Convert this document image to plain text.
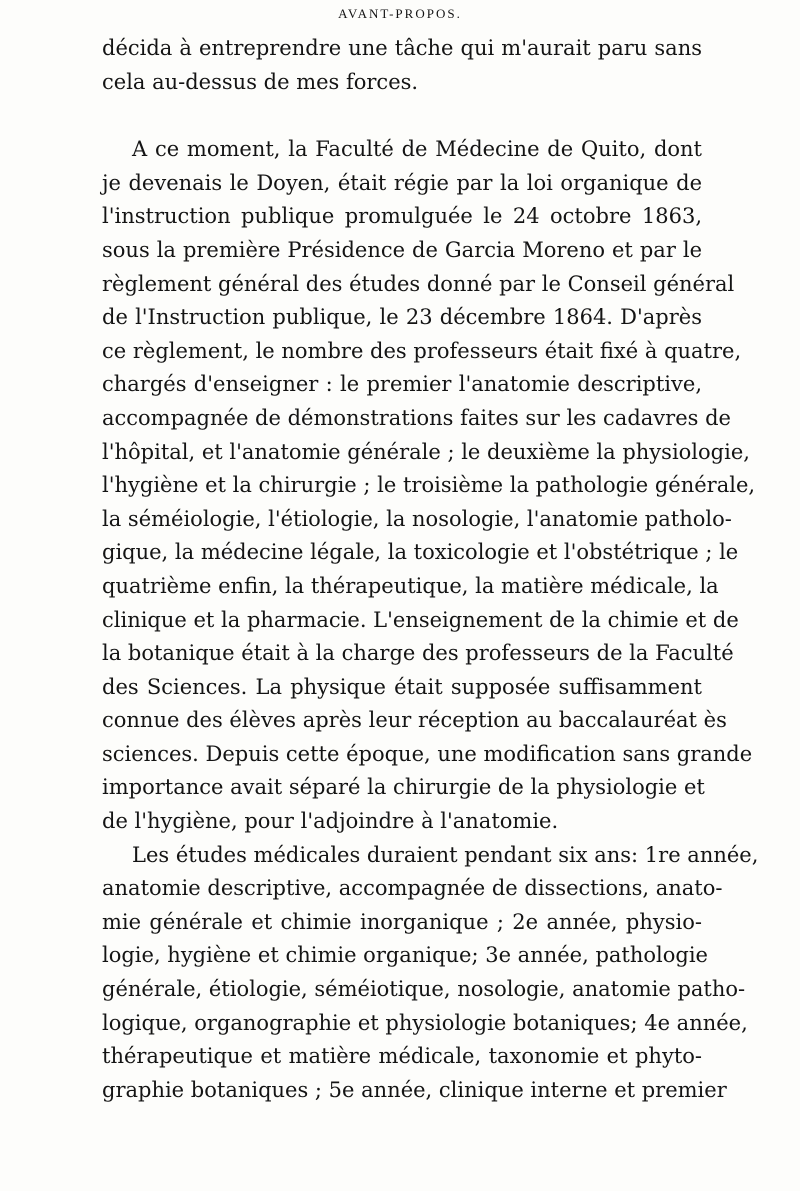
AVANT-PROPOS.
décida à entreprendre une tâche qui m'aurait paru sans
cela au-dessus de mes forces.
A ce moment, la Faculté de Médecine de Quito, dont
je devenais le Doyen, était régie par la loi organique de
l'instruction publique promulguée le 24 octobre 1863,
sous la première Présidence de Garcia Moreno et par le
règlement général des études donné par le Conseil général
de l'Instruction publique, le 23 décembre 1864. D'après
ce règlement, le nombre des professeurs était fixé à quatre,
chargés d'enseigner : le premier l'anatomie descriptive,
accompagnée de démonstrations faites sur les cadavres de
l'hôpital, et l'anatomie générale ; le deuxième la physiologie,
l'hygiène et la chirurgie ; le troisième la pathologie générale,
la séméiologie, l'étiologie, la nosologie, l'anatomie patholo-
gique, la médecine légale, la toxicologie et l'obstétrique ; le
quatrième enfin, la thérapeutique, la matière médicale, la
clinique et la pharmacie. L'enseignement de la chimie et de
la botanique était à la charge des professeurs de la Faculté
des Sciences. La physique était supposée suffisamment
connue des élèves après leur réception au baccalauréat ès
sciences. Depuis cette époque, une modification sans grande
importance avait séparé la chirurgie de la physiologie et
de l'hygiène, pour l'adjoindre à l'anatomie.
Les études médicales duraient pendant six ans: 1re année,
anatomie descriptive, accompagnée de dissections, anato-
mie générale et chimie inorganique ; 2e année, physio-
logie, hygiène et chimie organique; 3e année, pathologie
générale, étiologie, séméiotique, nosologie, anatomie patho-
logique, organographie et physiologie botaniques; 4e année,
thérapeutique et matière médicale, taxonomie et phyto-
graphie botaniques ; 5e année, clinique interne et premier
